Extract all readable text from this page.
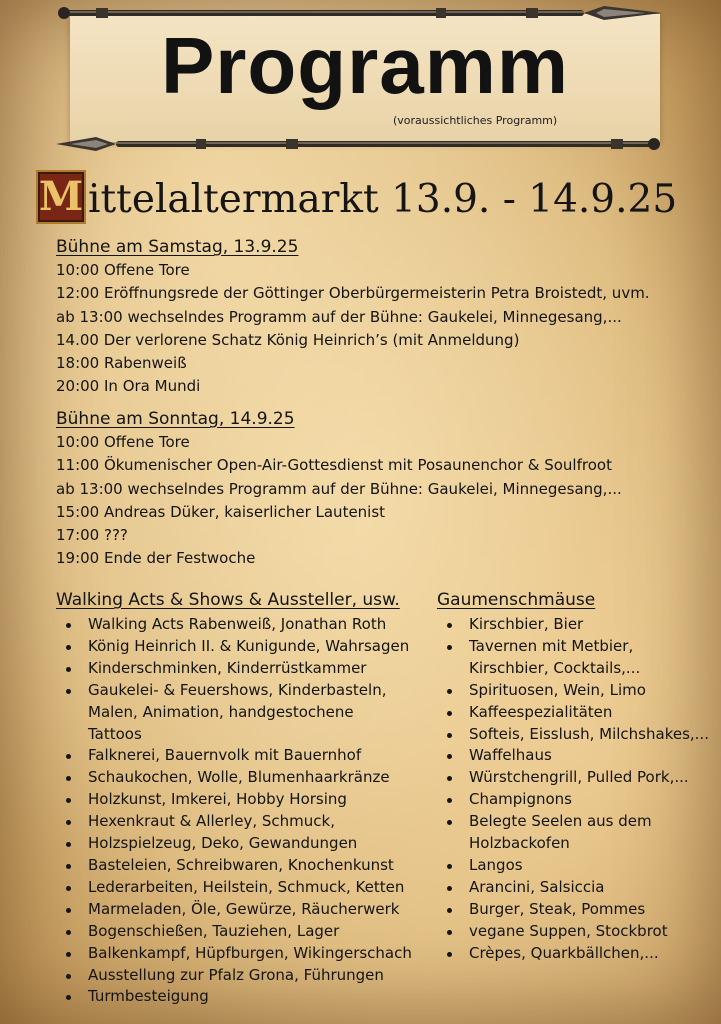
Programm
(voraussichtliches Programm)
M ittelaltermarkt 13.9. - 14.9.25
Bühne am Samstag, 13.9.25
10:00 Offene Tore
12:00 Eröffnungsrede der Göttinger Oberbürgermeisterin Petra Broistedt, uvm.
ab 13:00 wechselndes Programm auf der Bühne: Gaukelei, Minnegesang,...
14.00 Der verlorene Schatz König Heinrich’s (mit Anmeldung)
18:00 Rabenweiß
20:00 In Ora Mundi
Bühne am Sonntag, 14.9.25
10:00 Offene Tore
11:00 Ökumenischer Open-Air-Gottesdienst mit Posaunenchor & Soulfroot
ab 13:00 wechselndes Programm auf der Bühne: Gaukelei, Minnegesang,...
15:00 Andreas Düker, kaiserlicher Lautenist
17:00 ???
19:00 Ende der Festwoche
Walking Acts & Shows & Aussteller, usw.
Walking Acts Rabenweiß, Jonathan Roth
König Heinrich II. & Kunigunde, Wahrsagen
Kinderschminken, Kinderrüstkammer
Gaukelei- & Feuershows, Kinderbasteln, Malen, Animation, handgestochene Tattoos
Falknerei, Bauernvolk mit Bauernhof
Schaukochen, Wolle, Blumenhaarkränze
Holzkunst, Imkerei, Hobby Horsing
Hexenkraut & Allerley, Schmuck,
Holzspielzeug, Deko, Gewandungen
Basteleien, Schreibwaren, Knochenkunst
Lederarbeiten, Heilstein, Schmuck, Ketten
Marmeladen, Öle, Gewürze, Räucherwerk
Bogenschießen, Tauziehen, Lager
Balkenkampf, Hüpfburgen, Wikingerschach
Ausstellung zur Pfalz Grona, Führungen
Turmbesteigung
Gaumenschmäuse
Kirschbier, Bier
Tavernen mit Metbier, Kirschbier, Cocktails,...
Spirituosen, Wein, Limo
Kaffeespezialitäten
Softeis, Eisslush, Milchshakes,...
Waffelhaus
Würstchengrill, Pulled Pork,...
Champignons
Belegte Seelen aus dem Holzbackofen
Langos
Arancini, Salsiccia
Burger, Steak, Pommes
vegane Suppen, Stockbrot
Crèpes, Quarkbällchen,...
